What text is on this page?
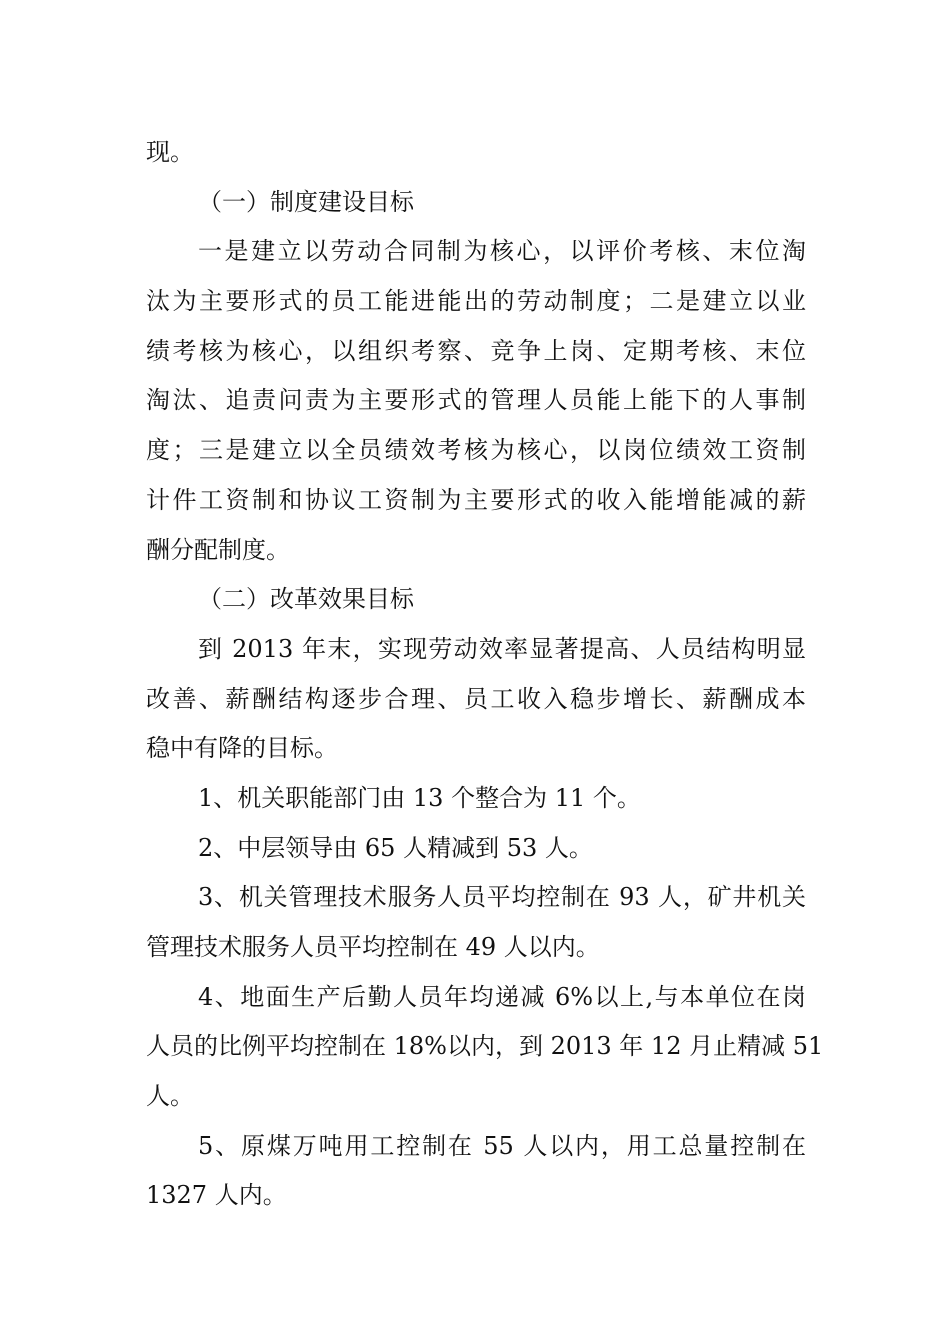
现。
（一）制度建设目标
一是建立以劳动合同制为核心，以评价考核、末位淘
汰为主要形式的员工能进能出的劳动制度；二是建立以业
绩考核为核心，以组织考察、竞争上岗、定期考核、末位
淘汰、追责问责为主要形式的管理人员能上能下的人事制
度；三是建立以全员绩效考核为核心，以岗位绩效工资制
计件工资制和协议工资制为主要形式的收入能增能减的薪
酬分配制度。
（二）改革效果目标
到 2013 年末，实现劳动效率显著提高、人员结构明显
改善、薪酬结构逐步合理、员工收入稳步增长、薪酬成本
稳中有降的目标。
1、机关职能部门由 13 个整合为 11 个。
2、中层领导由 65 人精减到 53 人。
3、机关管理技术服务人员平均控制在 93 人，矿井机关
管理技术服务人员平均控制在 49 人以内。
4、地面生产后勤人员年均递减 6%以上,与本单位在岗
人员的比例平均控制在 18%以内，到 2013 年 12 月止精减 51
人。
5、原煤万吨用工控制在 55 人以内，用工总量控制在
1327 人内。
